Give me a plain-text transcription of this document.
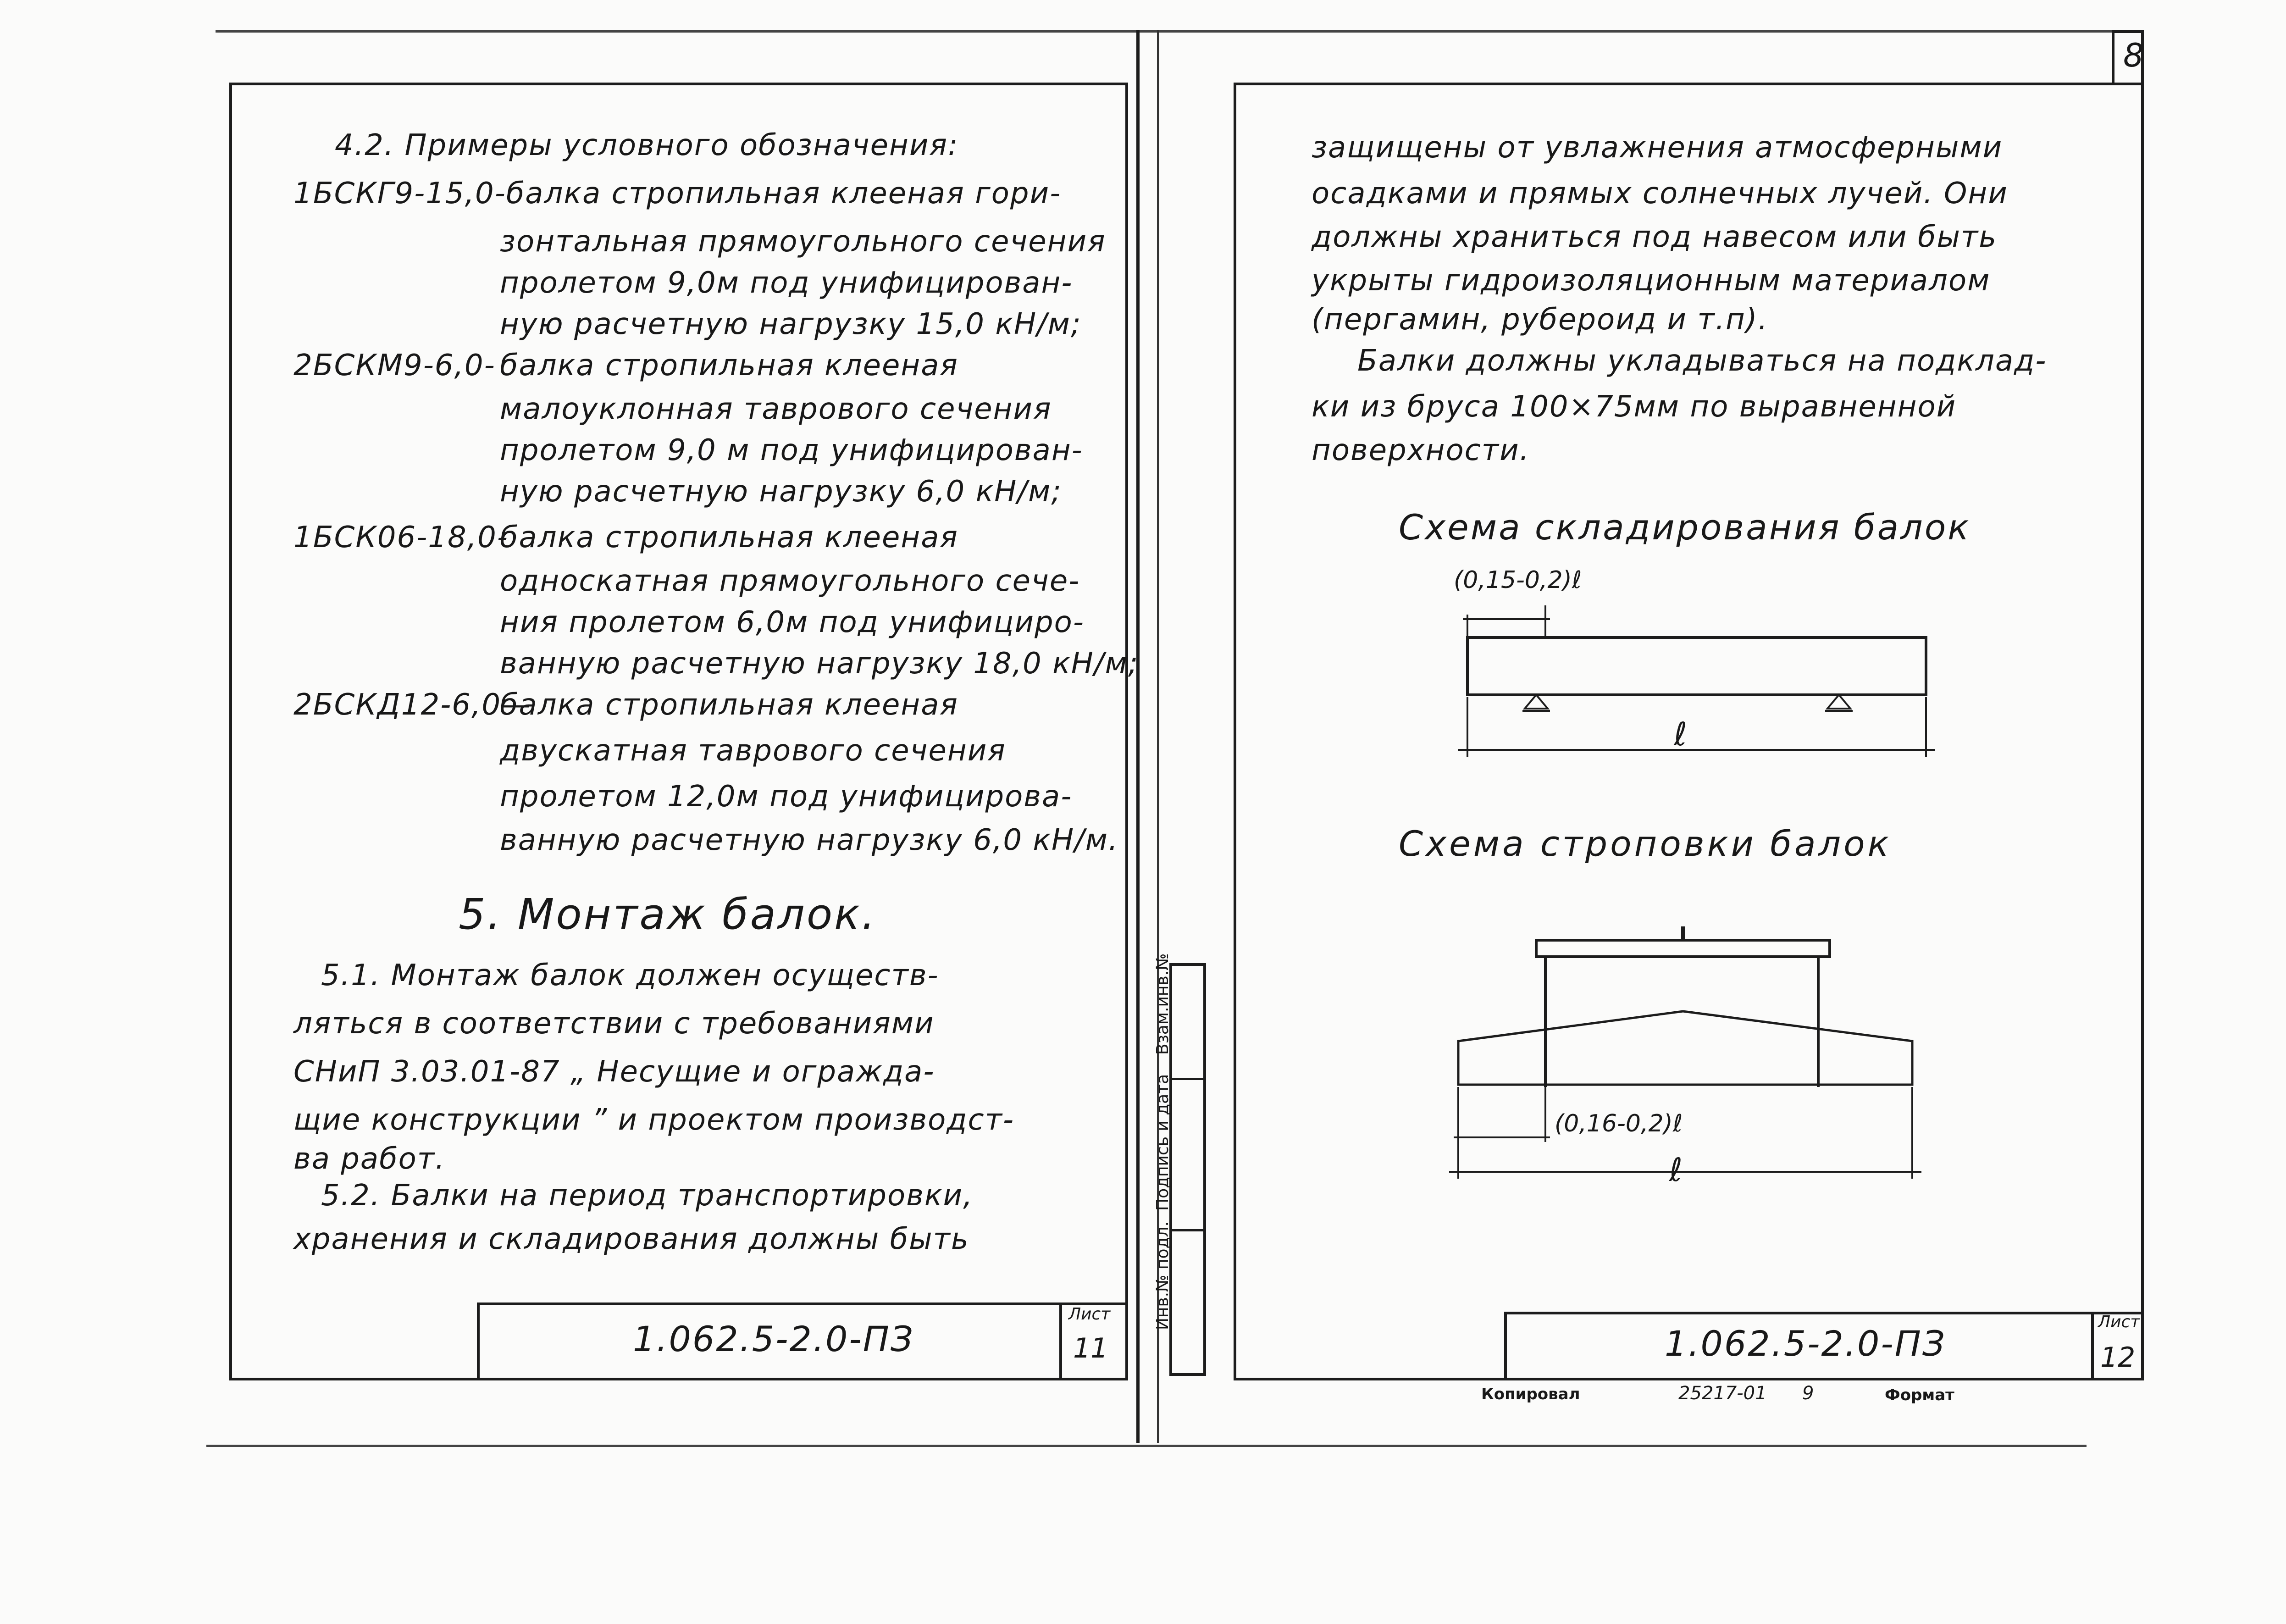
4.2. Примеры условного обозначения:
1БСКГ9-15,0-балка стропильная клееная гори-
зонтальная прямоугольного сечения
пролетом 9,0м под унифицирован-
ную расчетную нагрузку 15,0 кН/м;
2БСКМ9-6,0- балка стропильная клееная
малоуклонная таврового сечения
пролетом 9,0 м под унифицирован-
ную расчетную нагрузку 6,0 кН/м;
1БСК06-18,0-
балка стропильная клееная
односкатная прямоугольного сече-
ния пролетом 6,0м под унифициро-
ванную расчетную нагрузку 18,0 кН/м;
2БСКД12-6,0—
балка стропильная клееная
двускатная таврового сечения
пролетом 12,0м под унифицирова-
ванную расчетную нагрузку 6,0 кН/м.
5. Монтаж балок.
5.1. Монтаж балок должен осуществ-
ляться в соответствии с требованиями
СНиП 3.03.01-87 „ Несущие и огражда-
щие конструкции ” и проектом производст-
ва работ.
5.2. Балки на период транспортировки,
хранения и складирования должны быть
1.062.5-2.0-ПЗ
Лист
11
8
защищены от увлажнения атмосферными
осадками и прямых солнечных лучей. Они
должны храниться под навесом или быть
укрыты гидроизоляционным материалом
(пергамин, рубероид и т.п).
Балки должны укладываться на подклад-
ки из бруса 100×75мм по выравненной
поверхности.
Схема складирования балок
(0,15-0,2)ℓ
ℓ
Схема строповки балок
(0,16-0,2)ℓ
ℓ
1.062.5-2.0-ПЗ
Лист
12
Инв.№ подл.
Подпись и дата
Взам.инв.№
Копировал	25217-01 9	Формат
